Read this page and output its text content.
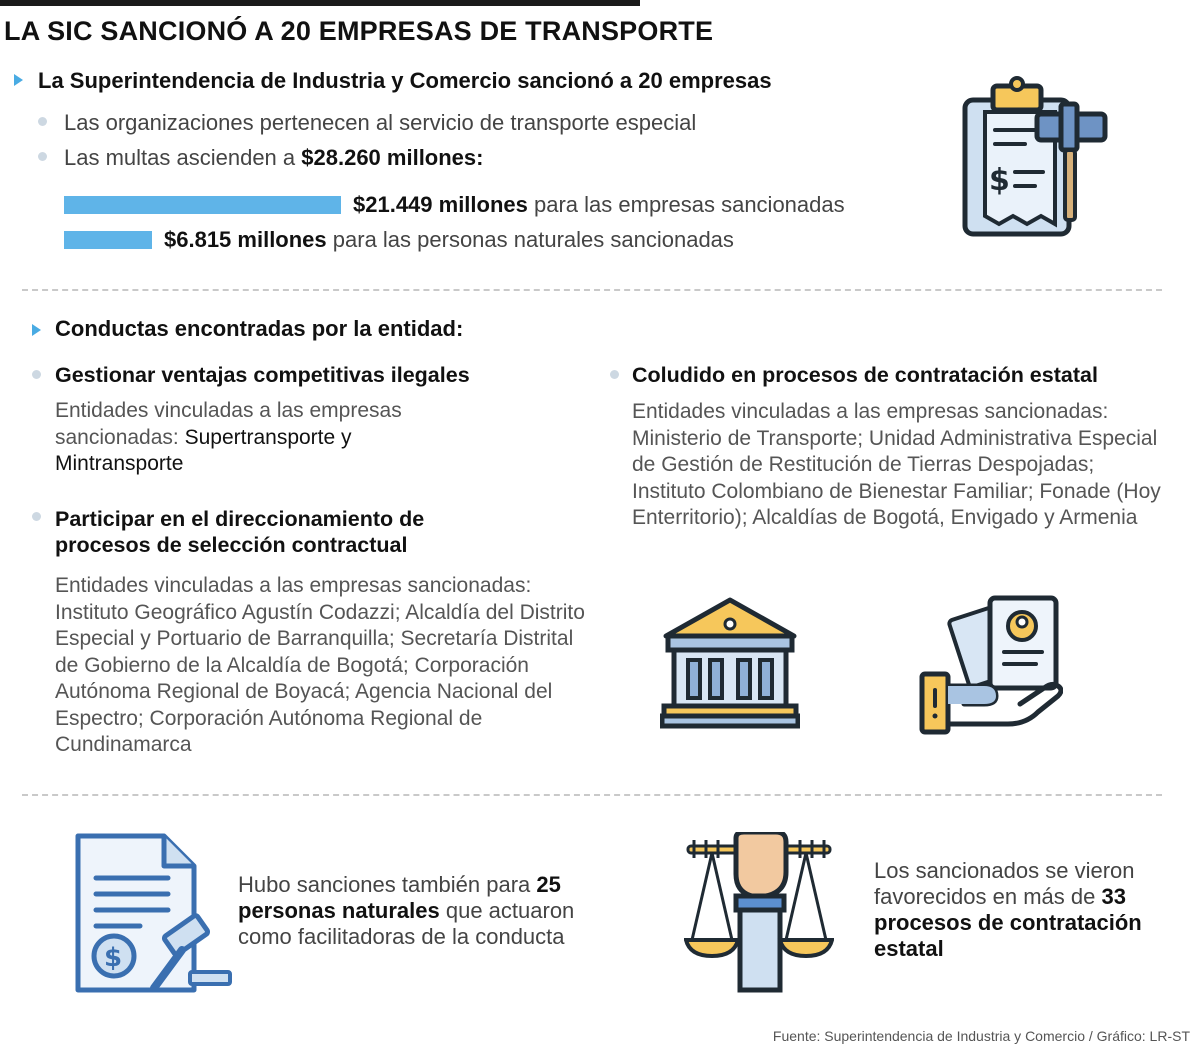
LA SIC SANCIONÓ A 20 EMPRESAS DE TRANSPORTE
La Superintendencia de Industria y Comercio sancionó a 20 empresas
Las organizaciones pertenecen al servicio de transporte especial
Las multas ascienden a $28.260 millones:
$21.449 millones para las empresas sancionadas
$6.815 millones para las personas naturales sancionadas
$
Conductas encontradas por la entidad:
Gestionar ventajas competitivas ilegales
Entidades vinculadas a las empresas sancionadas: Supertransporte y Mintransporte
Participar en el direccionamiento de procesos de selección contractual
Entidades vinculadas a las empresas sancionadas: Instituto Geográfico Agustín Codazzi; Alcaldía del Distrito Especial y Portuario de Barranquilla; Secretaría Distrital de Gobierno de la Alcaldía de Bogotá; Corporación Autónoma Regional de Boyacá; Agencia Nacional del Espectro; Corporación Autónoma Regional de Cundinamarca
Coludido en procesos de contratación estatal
Entidades vinculadas a las empresas sancionadas: Ministerio de Transporte; Unidad Administrativa Especial de Gestión de Restitución de Tierras Despojadas; Instituto Colombiano de Bienestar Familiar; Fonade (Hoy Enterritorio); Alcaldías de Bogotá, Envigado y Armenia
$
Hubo sanciones también para 25 personas naturales que actuaron como facilitadoras de la conducta
Los sancionados se vieron favorecidos en más de 33 procesos de contratación estatal
Fuente: Superintendencia de Industria y Comercio / Gráfico: LR-ST
